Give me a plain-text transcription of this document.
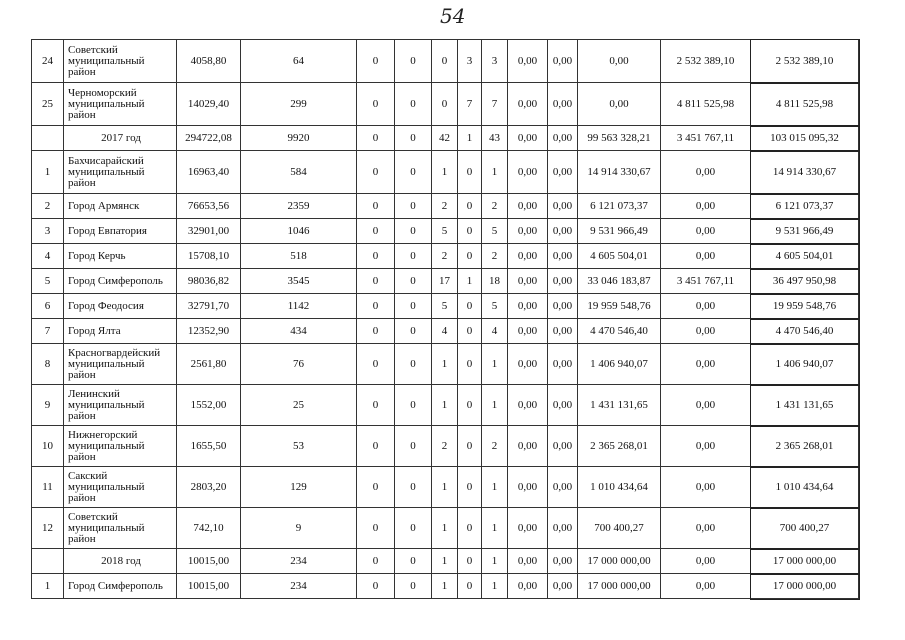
54
24	Советский муниципальный район	4058,80	64	0	0	0	3	3	0,00	0,00	0,00	2 532 389,10	2 532 389,10
25	Черноморский муниципальный район	14029,40	299	0	0	0	7	7	0,00	0,00	0,00	4 811 525,98	4 811 525,98
	2017 год	294722,08	9920	0	0	42	1	43	0,00	0,00	99 563 328,21	3 451 767,11	103 015 095,32
1	Бахчисарайский муниципальный район	16963,40	584	0	0	1	0	1	0,00	0,00	14 914 330,67	0,00	14 914 330,67
2	Город Армянск	76653,56	2359	0	0	2	0	2	0,00	0,00	6 121 073,37	0,00	6 121 073,37
3	Город Евпатория	32901,00	1046	0	0	5	0	5	0,00	0,00	9 531 966,49	0,00	9 531 966,49
4	Город Керчь	15708,10	518	0	0	2	0	2	0,00	0,00	4 605 504,01	0,00	4 605 504,01
5	Город Симферополь	98036,82	3545	0	0	17	1	18	0,00	0,00	33 046 183,87	3 451 767,11	36 497 950,98
6	Город Феодосия	32791,70	1142	0	0	5	0	5	0,00	0,00	19 959 548,76	0,00	19 959 548,76
7	Город Ялта	12352,90	434	0	0	4	0	4	0,00	0,00	4 470 546,40	0,00	4 470 546,40
8	Красногвардейский муниципальный район	2561,80	76	0	0	1	0	1	0,00	0,00	1 406 940,07	0,00	1 406 940,07
9	Ленинский муниципальный район	1552,00	25	0	0	1	0	1	0,00	0,00	1 431 131,65	0,00	1 431 131,65
10	Нижнегорский муниципальный район	1655,50	53	0	0	2	0	2	0,00	0,00	2 365 268,01	0,00	2 365 268,01
11	Сакский муниципальный район	2803,20	129	0	0	1	0	1	0,00	0,00	1 010 434,64	0,00	1 010 434,64
12	Советский муниципальный район	742,10	9	0	0	1	0	1	0,00	0,00	700 400,27	0,00	700 400,27
	2018 год	10015,00	234	0	0	1	0	1	0,00	0,00	17 000 000,00	0,00	17 000 000,00
1	Город Симферополь	10015,00	234	0	0	1	0	1	0,00	0,00	17 000 000,00	0,00	17 000 000,00
